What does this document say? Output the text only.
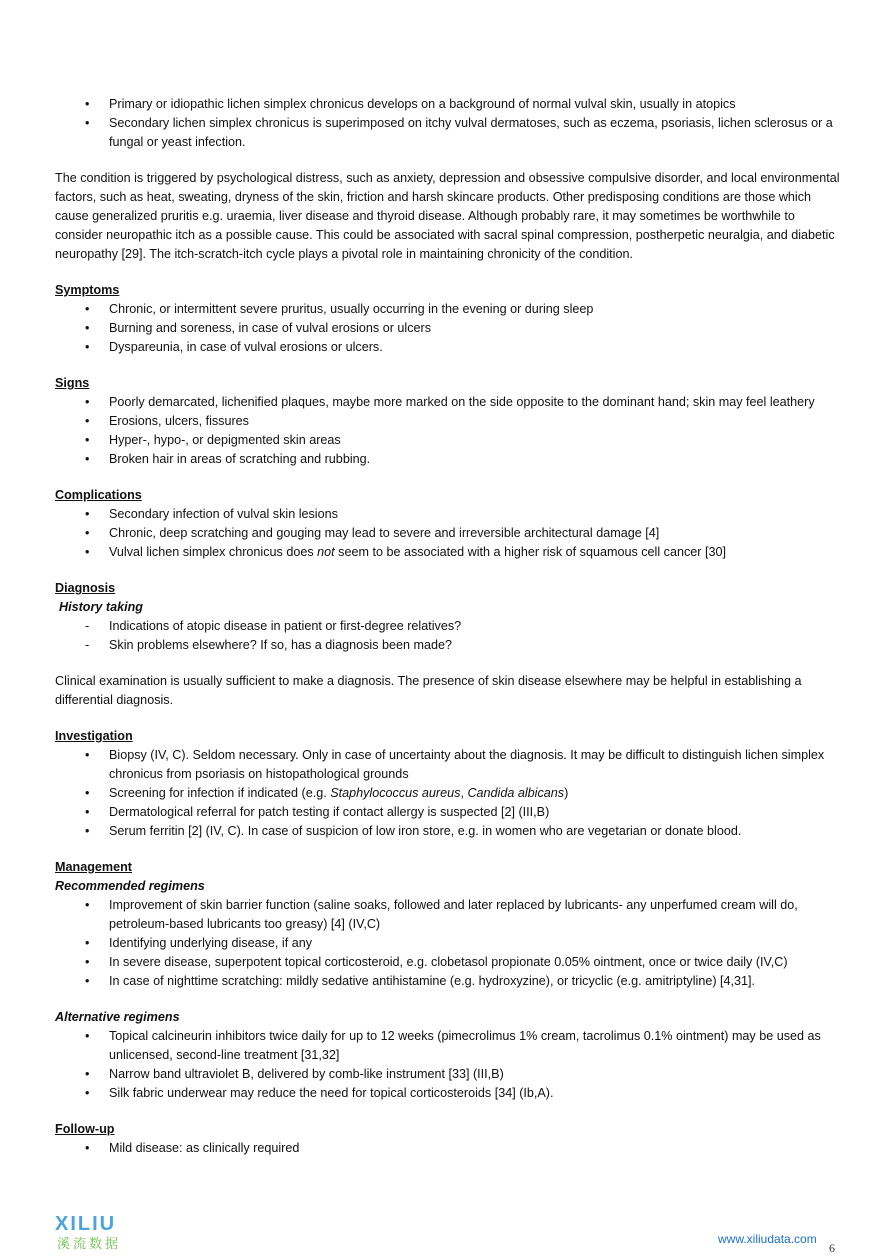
• Primary or idiopathic lichen simplex chronicus develops on a background of normal vulval skin, usually in atopics
• Secondary lichen simplex chronicus is superimposed on itchy vulval dermatoses, such as eczema, psoriasis, lichen sclerosus or a fungal or yeast infection.

The condition is triggered by psychological distress, such as anxiety, depression and obsessive compulsive disorder, and local environmental factors, such as heat, sweating, dryness of the skin, friction and harsh skincare products. Other predisposing conditions are those which cause generalized pruritis e.g. uraemia, liver disease and thyroid disease. Although probably rare, it may sometimes be worthwhile to consider neuropathic itch as a possible cause. This could be associated with sacral spinal compression, postherpetic neuralgia, and diabetic neuropathy [29]. The itch-scratch-itch cycle plays a pivotal role in maintaining chronicity of the condition.

Symptoms
• Chronic, or intermittent severe pruritus, usually occurring in the evening or during sleep
• Burning and soreness, in case of vulval erosions or ulcers
• Dyspareunia, in case of vulval erosions or ulcers.
Signs
• Poorly demarcated, lichenified plaques, maybe more marked on the side opposite to the dominant hand; skin may feel leathery
• Erosions, ulcers, fissures
• Hyper-, hypo-, or depigmented skin areas
• Broken hair in areas of scratching and rubbing.
Complications
• Secondary infection of vulval skin lesions
• Chronic, deep scratching and gouging may lead to severe and irreversible architectural damage [4]
• Vulval lichen simplex chronicus does not seem to be associated with a higher risk of squamous cell cancer [30]
Diagnosis
History taking
- Indications of atopic disease in patient or first-degree relatives?
- Skin problems elsewhere? If so, has a diagnosis been made?

Clinical examination is usually sufficient to make a diagnosis. The presence of skin disease elsewhere may be helpful in establishing a differential diagnosis.

Investigation
• Biopsy (IV, C). Seldom necessary. Only in case of uncertainty about the diagnosis. It may be difficult to distinguish lichen simplex chronicus from psoriasis on histopathological grounds
• Screening for infection if indicated (e.g. Staphylococcus aureus, Candida albicans)
• Dermatological referral for patch testing if contact allergy is suspected [2] (III,B)
• Serum ferritin [2] (IV, C). In case of suspicion of low iron store, e.g. in women who are vegetarian or donate blood.
Management
Recommended regimens
• Improvement of skin barrier function (saline soaks, followed and later replaced by lubricants- any unperfumed cream will do, petroleum-based lubricants too greasy) [4] (IV,C)
• Identifying underlying disease, if any
• In severe disease, superpotent topical corticosteroid, e.g. clobetasol propionate 0.05% ointment, once or twice daily (IV,C)
• In case of nighttime scratching: mildly sedative antihistamine (e.g. hydroxyzine), or tricyclic (e.g. amitriptyline) [4,31].
Alternative regimens
• Topical calcineurin inhibitors twice daily for up to 12 weeks (pimecrolimus 1% cream, tacrolimus 0.1% ointment) may be used as unlicensed, second-line treatment [31,32]
• Narrow band ultraviolet B, delivered by comb-like instrument [33] (III,B)
• Silk fabric underwear may reduce the need for topical corticosteroids [34] (Ib,A).
Follow-up
• Mild disease: as clinically required
XILIU
溪流数据	www.xiliudata.com
6
